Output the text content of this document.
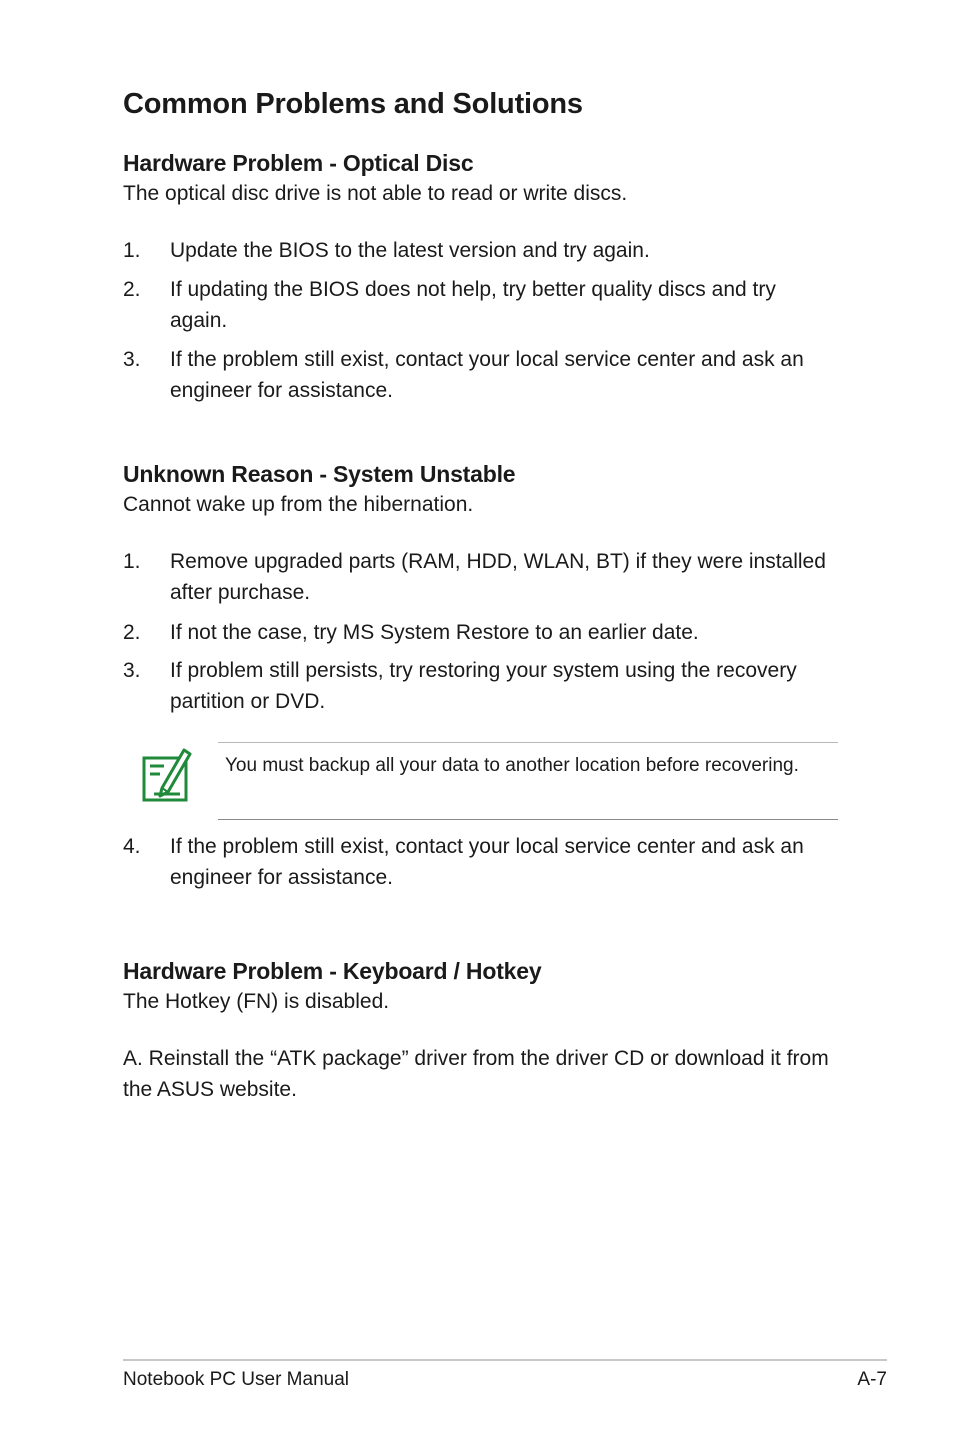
Common Problems and Solutions
Hardware Problem - Optical Disc

The optical disc drive is not able to read or write discs.

1. Update the BIOS to the latest version and try again.
2. If updating the BIOS does not help, try better quality discs and try again.
3. If the problem still exist, contact your local service center and ask an engineer for assistance.
Unknown Reason - System Unstable

Cannot wake up from the hibernation.

1. Remove upgraded parts (RAM, HDD, WLAN, BT) if they were installed after purchase.
2. If not the case, try MS System Restore to an earlier date.
3. If problem still persists, try restoring your system using the recovery partition or DVD.
You must backup all your data to another location before recovering.
4. If the problem still exist, contact your local service center and ask an engineer for assistance.
Hardware Problem - Keyboard / Hotkey

The Hotkey (FN) is disabled.

A. Reinstall the “ATK package” driver from the driver CD or download it from the ASUS website.
Notebook PC User Manual	A-7
